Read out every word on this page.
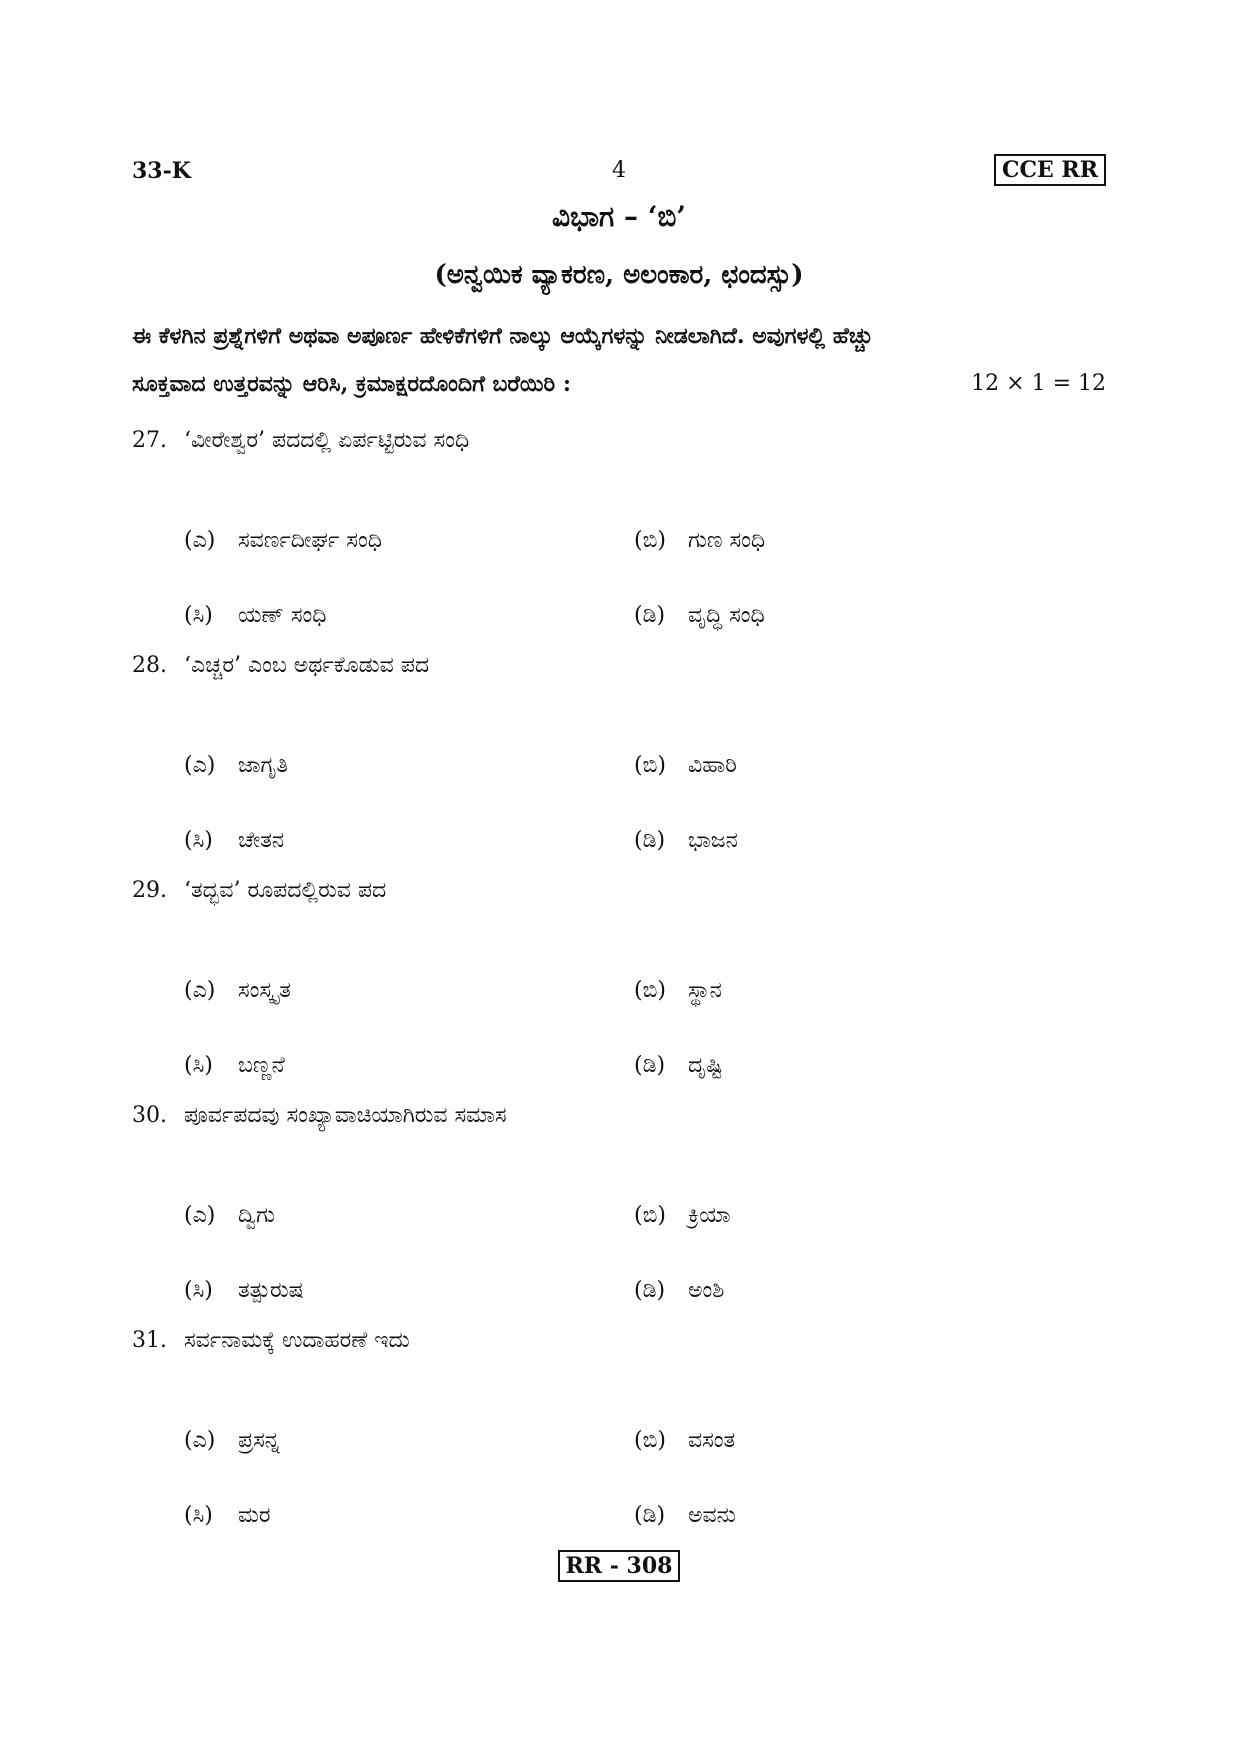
33-K	4	CCE RR
ವಿಭಾಗ – ‘ಬಿ’
(ಅನ್ವಯಿಕ ವ್ಯಾಕರಣ, ಅಲಂಕಾರ, ಛಂದಸ್ಸು)
ಈ ಕೆಳಗಿನ ಪ್ರಶ್ನೆಗಳಿಗೆ ಅಥವಾ ಅಪೂರ್ಣ ಹೇಳಿಕೆಗಳಿಗೆ ನಾಲ್ಕು ಆಯ್ಕೆಗಳನ್ನು ನೀಡಲಾಗಿದೆ. ಅವುಗಳಲ್ಲಿ ಹೆಚ್ಚು
ಸೂಕ್ತವಾದ ಉತ್ತರವನ್ನು ಆರಿಸಿ, ಕ್ರಮಾಕ್ಷರದೊಂದಿಗೆ ಬರೆಯಿರಿ :	12 × 1 = 12
27. ‘ವೀರೇಶ್ವರ’ ಪದದಲ್ಲಿ ಏರ್ಪಟ್ಟಿರುವ ಸಂಧಿ
(ಎ)	ಸವರ್ಣದೀರ್ಘ ಸಂಧಿ	(ಬಿ)	ಗುಣ ಸಂಧಿ
(ಸಿ)	ಯಣ್ ಸಂಧಿ	(ಡಿ)	ವೃದ್ಧಿ ಸಂಧಿ
28. ‘ಎಚ್ಚರ’ ಎಂಬ ಅರ್ಥಕೊಡುವ ಪದ
(ಎ)	ಜಾಗೃತಿ	(ಬಿ)	ವಿಹಾರಿ
(ಸಿ)	ಚೇತನ	(ಡಿ)	ಭಾಜನ
29. ‘ತದ್ಭವ’ ರೂಪದಲ್ಲಿರುವ ಪದ
(ಎ)	ಸಂಸ್ಕೃತ	(ಬಿ)	ಸ್ಥಾನ
(ಸಿ)	ಬಣ್ಣನೆ	(ಡಿ)	ದೃಷ್ಟಿ
30. ಪೂರ್ವಪದವು ಸಂಖ್ಯಾವಾಚಿಯಾಗಿರುವ ಸಮಾಸ
(ಎ)	ದ್ವಿಗು	(ಬಿ)	ಕ್ರಿಯಾ
(ಸಿ)	ತತ್ಪುರುಷ	(ಡಿ)	ಅಂಶಿ
31. ಸರ್ವನಾಮಕ್ಕೆ ಉದಾಹರಣೆ ಇದು
(ಎ)	ಪ್ರಸನ್ನ	(ಬಿ)	ವಸಂತ
(ಸಿ)	ಮರ	(ಡಿ)	ಅವನು
RR - 308
